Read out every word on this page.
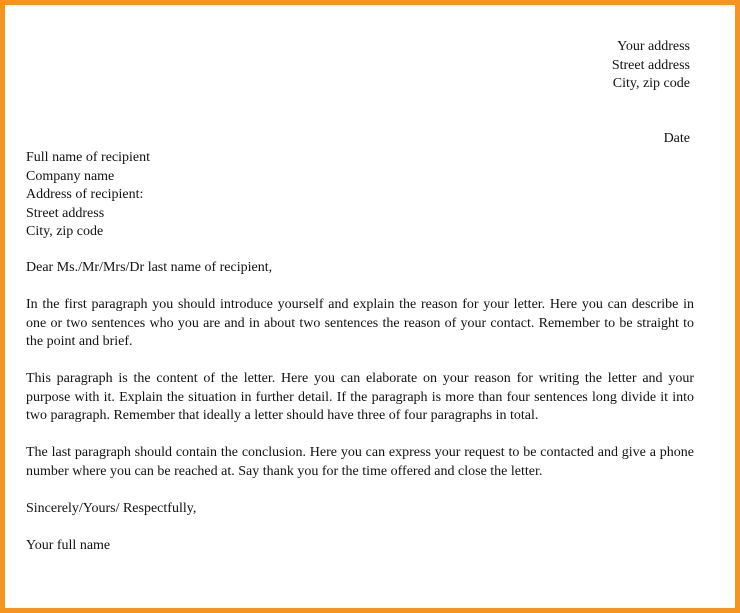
Your address
Street address
City, zip code
Date
Full name of recipient
Company name
Address of recipient:
Street address
City, zip code

Dear Ms./Mr/Mrs/Dr last name of recipient,

In the first paragraph you should introduce yourself and explain the reason for your letter. Here you can describe in one or two sentences who you are and in about two sentences the reason of your contact. Remember to be straight to the point and brief.

This paragraph is the content of the letter. Here you can elaborate on your reason for writing the letter and your purpose with it. Explain the situation in further detail. If the paragraph is more than four sentences long divide it into two paragraph. Remember that ideally a letter should have three of four paragraphs in total.

The last paragraph should contain the conclusion. Here you can express your request to be contacted and give a phone number where you can be reached at. Say thank you for the time offered and close the letter.

Sincerely/Yours/ Respectfully,

Your full name
